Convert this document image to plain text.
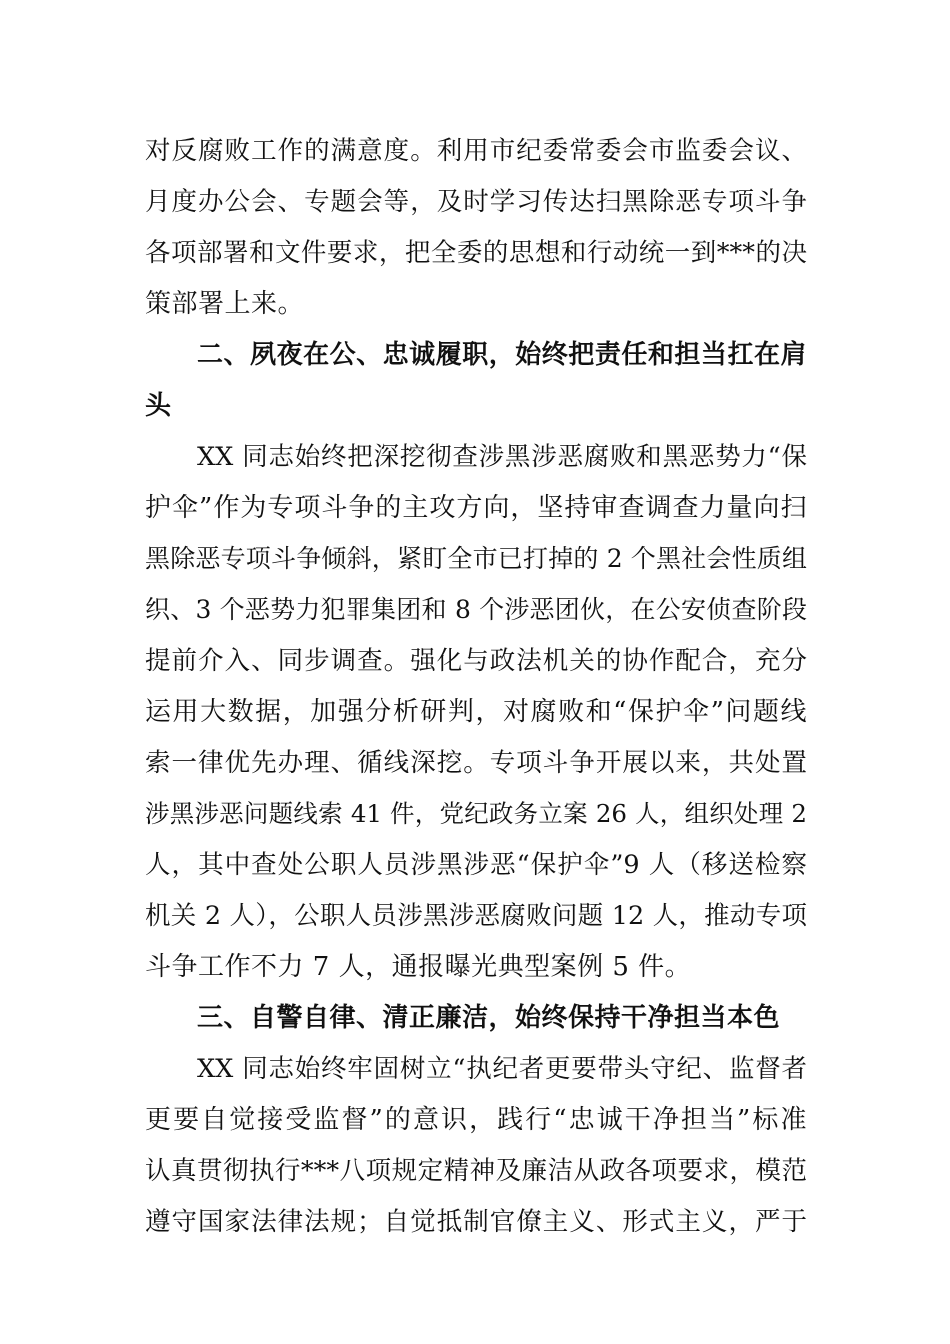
对反腐败工作的满意度。利用市纪委常委会市监委会议、
月度办公会、专题会等，及时学习传达扫黑除恶专项斗争
各项部署和文件要求，把全委的思想和行动统一到***的决
策部署上来。
二、夙夜在公、忠诚履职，始终把责任和担当扛在肩
头
XX 同志始终把深挖彻查涉黑涉恶腐败和黑恶势力“保
护伞”作为专项斗争的主攻方向，坚持审查调查力量向扫
黑除恶专项斗争倾斜，紧盯全市已打掉的 2 个黑社会性质组
织、3 个恶势力犯罪集团和 8 个涉恶团伙，在公安侦查阶段
提前介入、同步调查。强化与政法机关的协作配合，充分
运用大数据，加强分析研判，对腐败和“保护伞”问题线
索一律优先办理、循线深挖。专项斗争开展以来，共处置
涉黑涉恶问题线索 41 件，党纪政务立案 26 人，组织处理 2
人，其中查处公职人员涉黑涉恶“保护伞”9 人（移送检察
机关 2 人），公职人员涉黑涉恶腐败问题 12 人，推动专项
斗争工作不力 7 人，通报曝光典型案例 5 件。
三、自警自律、清正廉洁，始终保持干净担当本色
XX 同志始终牢固树立“执纪者更要带头守纪、监督者
更要自觉接受监督”的意识，践行“忠诚干净担当”标准
认真贯彻执行***八项规定精神及廉洁从政各项要求，模范
遵守国家法律法规；自觉抵制官僚主义、形式主义，严于
